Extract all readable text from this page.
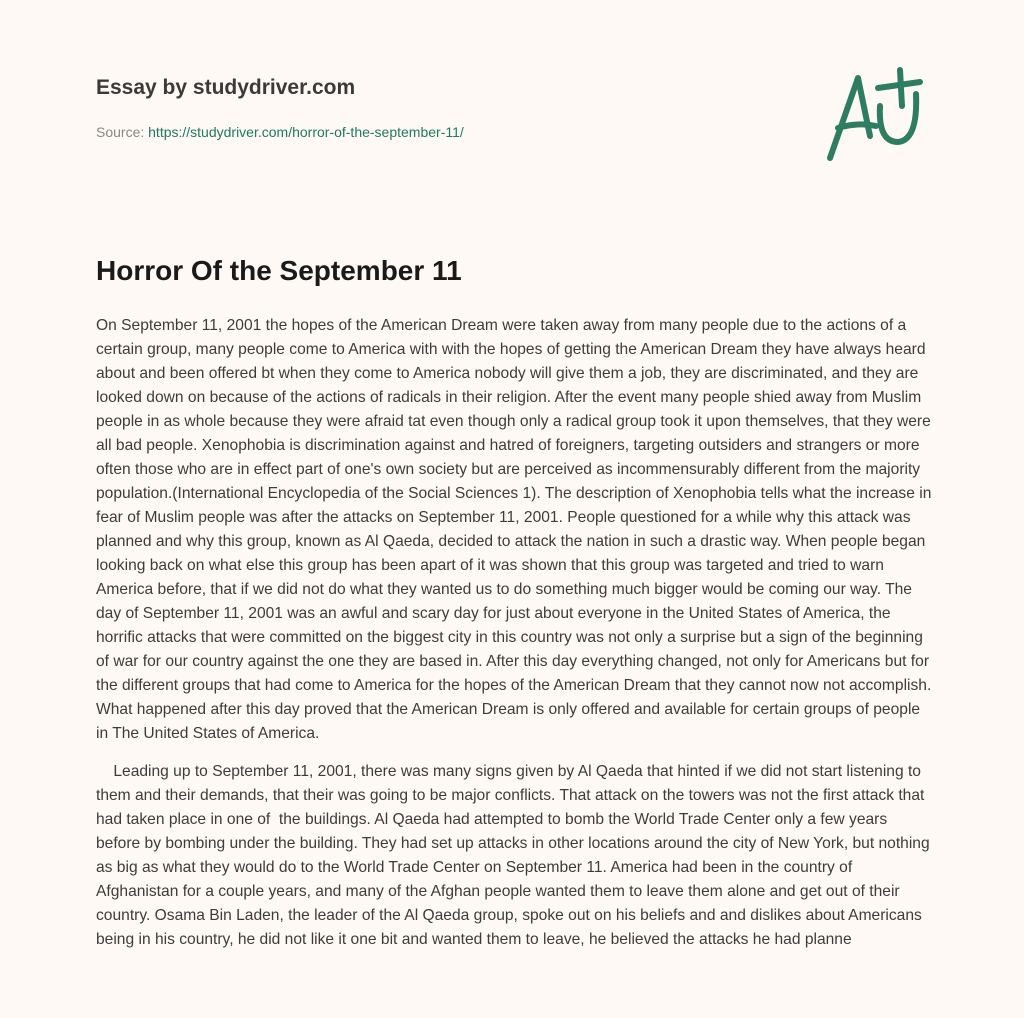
Essay by studydriver.com
Source: https://studydriver.com/horror-of-the-september-11/
Horror Of the September 11

On September 11, 2001 the hopes of the American Dream were taken away from many people due to the actions of a certain group, many people come to America with with the hopes of getting the American Dream they have always heard about and been offered bt when they come to America nobody will give them a job, they are discriminated, and they are looked down on because of the actions of radicals in their religion. After the event many people shied away from Muslim people in as whole because they were afraid tat even though only a radical group took it upon themselves, that they were all bad people. Xenophobia is discrimination against and hatred of foreigners, targeting outsiders and strangers or more often those who are in effect part of one's own society but are perceived as incommensurably different from the majority population.(International Encyclopedia of the Social Sciences 1). The description of Xenophobia tells what the increase in fear of Muslim people was after the attacks on September 11, 2001. People questioned for a while why this attack was planned and why this group, known as Al Qaeda, decided to attack the nation in such a drastic way. When people began looking back on what else this group has been apart of it was shown that this group was targeted and tried to warn America before, that if we did not do what they wanted us to do something much bigger would be coming our way. The day of September 11, 2001 was an awful and scary day for just about everyone in the United States of America, the horrific attacks that were committed on the biggest city in this country was not only a surprise but a sign of the beginning of war for our country against the one they are based in. After this day everything changed, not only for Americans but for the different groups that had come to America for the hopes of the American Dream that they cannot now not accomplish. What happened after this day proved that the American Dream is only offered and available for certain groups of people in The United States of America.

Leading up to September 11, 2001, there was many signs given by Al Qaeda that hinted if we did not start listening to them and their demands, that their was going to be major conflicts. That attack on the towers was not the first attack that had taken place in one of  the buildings. Al Qaeda had attempted to bomb the World Trade Center only a few years before by bombing under the building. They had set up attacks in other locations around the city of New York, but nothing as big as what they would do to the World Trade Center on September 11. America had been in the country of Afghanistan for a couple years, and many of the Afghan people wanted them to leave them alone and get out of their country. Osama Bin Laden, the leader of the Al Qaeda group, spoke out on his beliefs and and dislikes about Americans being in his country, he did not like it one bit and wanted them to leave, he believed the attacks he had planne
